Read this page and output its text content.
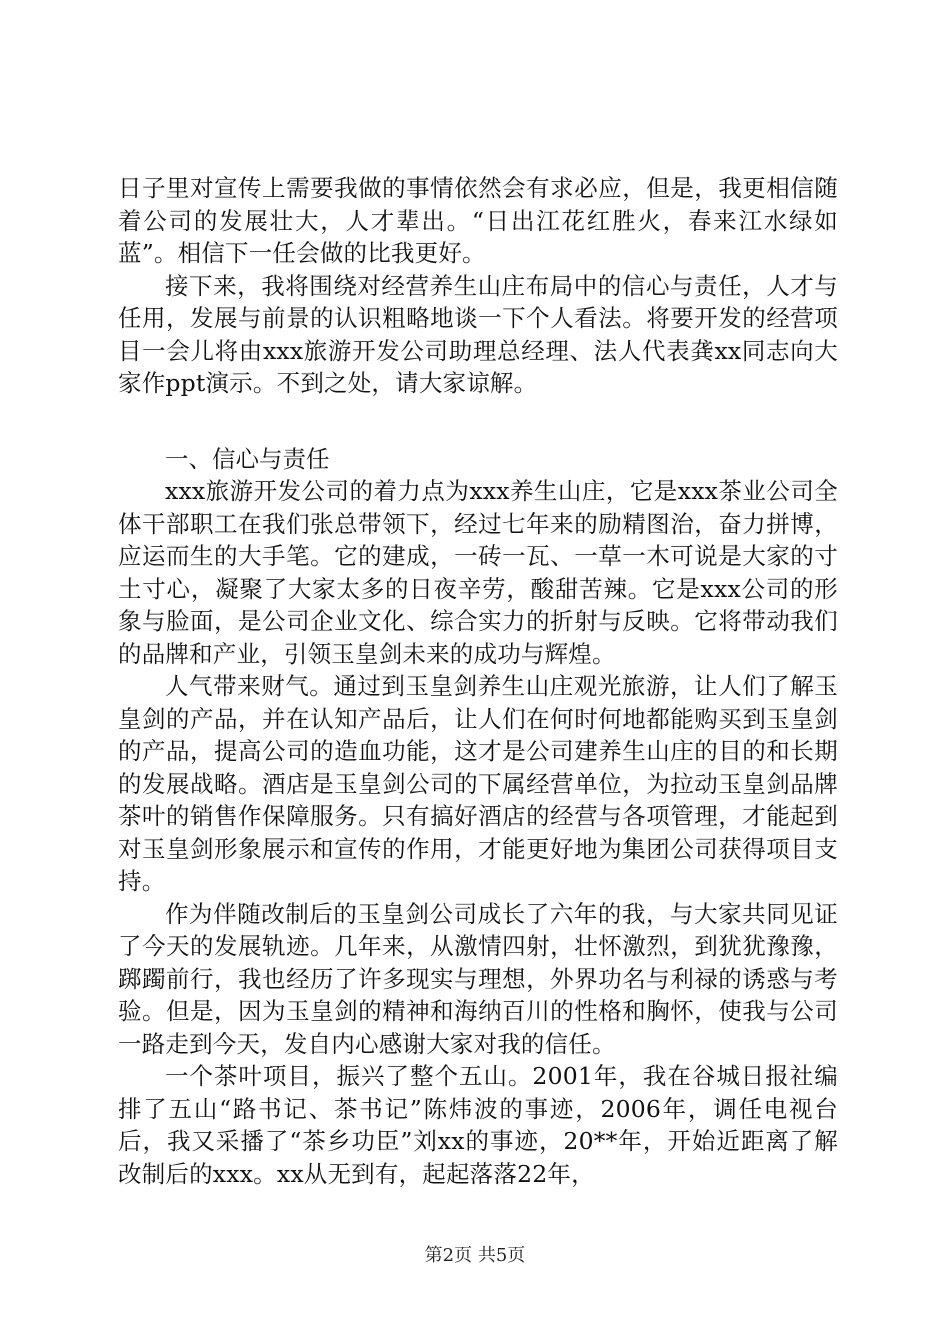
日子里对宣传上需要我做的事情依然会有求必应，但是，我更相信随着公司的发展壮大，人才辈出。“日出江花红胜火，春来江水绿如蓝”。相信下一任会做的比我更好。

接下来，我将围绕对经营养生山庄布局中的信心与责任，人才与任用，发展与前景的认识粗略地谈一下个人看法。将要开发的经营项目一会儿将由xxx旅游开发公司助理总经理、法人代表龚xx同志向大家作ppt演示。不到之处，请大家谅解。

一、信心与责任

xxx旅游开发公司的着力点为xxx养生山庄，它是xxx茶业公司全体干部职工在我们张总带领下，经过七年来的励精图治，奋力拼博，应运而生的大手笔。它的建成，一砖一瓦、一草一木可说是大家的寸土寸心，凝聚了大家太多的日夜辛劳，酸甜苦辣。它是xxx公司的形象与脸面，是公司企业文化、综合实力的折射与反映。它将带动我们的品牌和产业，引领玉皇剑未来的成功与辉煌。

人气带来财气。通过到玉皇剑养生山庄观光旅游，让人们了解玉皇剑的产品，并在认知产品后，让人们在何时何地都能购买到玉皇剑的产品，提高公司的造血功能，这才是公司建养生山庄的目的和长期的发展战略。酒店是玉皇剑公司的下属经营单位，为拉动玉皇剑品牌茶叶的销售作保障服务。只有搞好酒店的经营与各项管理，才能起到对玉皇剑形象展示和宣传的作用，才能更好地为集团公司获得项目支持。

作为伴随改制后的玉皇剑公司成长了六年的我，与大家共同见证了今天的发展轨迹。几年来，从激情四射，壮怀激烈，到犹犹豫豫，踯躅前行，我也经历了许多现实与理想，外界功名与利禄的诱惑与考验。但是，因为玉皇剑的精神和海纳百川的性格和胸怀，使我与公司一路走到今天，发自内心感谢大家对我的信任。

一个茶叶项目，振兴了整个五山。2001年，我在谷城日报社编排了五山“路书记、茶书记”陈炜波的事迹，2006年，调任电视台后，我又采播了“茶乡功臣”刘xx的事迹，20**年，开始近距离了解改制后的xxx。xx从无到有，起起落落22年，

第2页 共5页
